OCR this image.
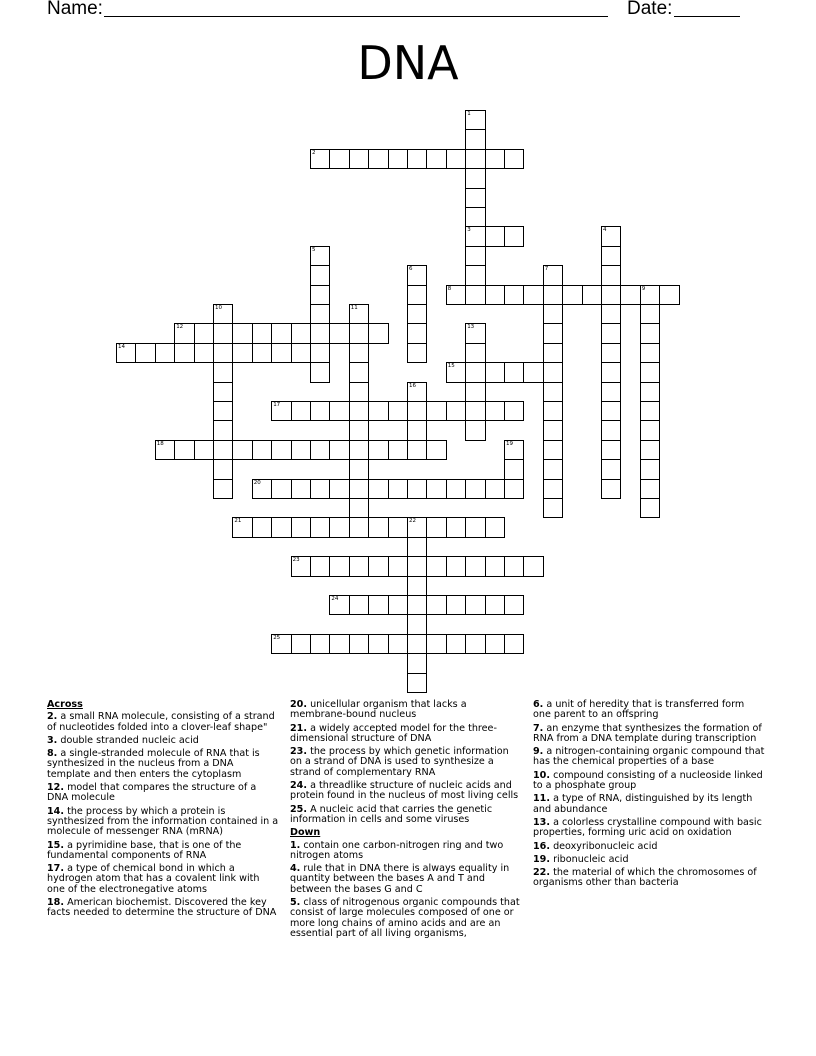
Name:	Date:
DNA
1
2
3	4
5
6	7
8	9
10	11
12	13
14
15
16
17
18	19
20
21	22
23
24
25
Across
2. a small RNA molecule, consisting of a strand of nucleotides folded into a clover-leaf shape"
3. double stranded nucleic acid
8. a single-stranded molecule of RNA that is synthesized in the nucleus from a DNA template and then enters the cytoplasm
12. model that compares the structure of a DNA molecule
14. the process by which a protein is synthesized from the information contained in a molecule of messenger RNA (mRNA)
15. a pyrimidine base, that is one of the fundamental components of RNA
17. a type of chemical bond in which a hydrogen atom that has a covalent link with one of the electronegative atoms
18. American biochemist. Discovered the key facts needed to determine the structure of DNA
20. unicellular organism that lacks a membrane-bound nucleus
21. a widely accepted model for the three-dimensional structure of DNA
23. the process by which genetic information on a strand of DNA is used to synthesize a strand of complementary RNA
24. a threadlike structure of nucleic acids and protein found in the nucleus of most living cells
25. A nucleic acid that carries the genetic information in cells and some viruses
Down
1. contain one carbon-nitrogen ring and two nitrogen atoms
4. rule that in DNA there is always equality in quantity between the bases A and T and between the bases G and C
5. class of nitrogenous organic compounds that consist of large molecules composed of one or more long chains of amino acids and are an essential part of all living organisms,
6. a unit of heredity that is transferred form one parent to an offspring
7. an enzyme that synthesizes the formation of RNA from a DNA template during transcription
9. a nitrogen-containing organic compound that has the chemical properties of a base
10. compound consisting of a nucleoside linked to a phosphate group
11. a type of RNA, distinguished by its length and abundance
13. a colorless crystalline compound with basic properties, forming uric acid on oxidation
16. deoxyribonucleic acid
19. ribonucleic acid
22. the material of which the chromosomes of organisms other than bacteria
